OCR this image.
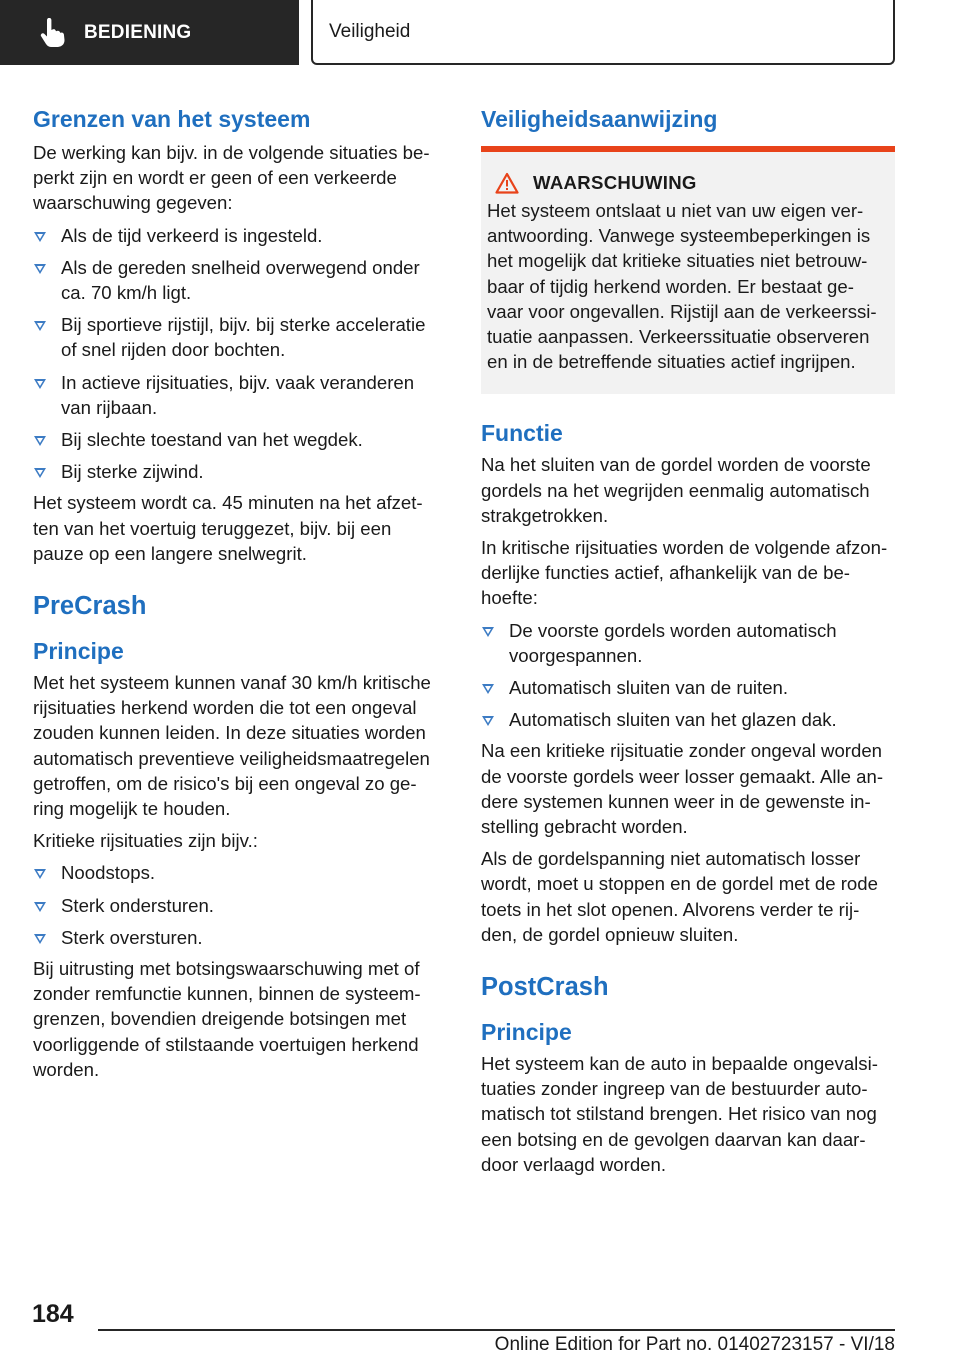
BEDIENING	Veiligheid
Grenzen van het systeem

De werking kan bijv. in de volgende situaties be-
perkt zijn en wordt er geen of een verkeerde
waarschuwing gegeven:

Als de tijd verkeerd is ingesteld.
Als de gereden snelheid overwegend onder
ca. 70 km/h ligt.
Bij sportieve rijstijl, bijv. bij sterke acceleratie
of snel rijden door bochten.
In actieve rijsituaties, bijv. vaak veranderen
van rijbaan.
Bij slechte toestand van het wegdek.
Bij sterke zijwind.

Het systeem wordt ca. 45 minuten na het afzet-
ten van het voertuig teruggezet, bijv. bij een
pauze op een langere snelwegrit.

PreCrash
Principe

Met het systeem kunnen vanaf 30 km/h kritische
rijsituaties herkend worden die tot een ongeval
zouden kunnen leiden. In deze situaties worden
automatisch preventieve veiligheidsmaatregelen
getroffen, om de risico's bij een ongeval zo ge-
ring mogelijk te houden.

Kritieke rijsituaties zijn bijv.:

Noodstops.
Sterk ondersturen.
Sterk oversturen.

Bij uitrusting met botsingswaarschuwing met of
zonder remfunctie kunnen, binnen de systeem-
grenzen, bovendien dreigende botsingen met
voorliggende of stilstaande voertuigen herkend
worden.

Veiligheidsaanwijzing
WAARSCHUWING

Het systeem ontslaat u niet van uw eigen ver-
antwoording. Vanwege systeembeperkingen is
het mogelijk dat kritieke situaties niet betrouw-
baar of tijdig herkend worden. Er bestaat ge-
vaar voor ongevallen. Rijstijl aan de verkeerssi-
tuatie aanpassen. Verkeerssituatie observeren
en in de betreffende situaties actief ingrijpen.

Functie

Na het sluiten van de gordel worden de voorste
gordels na het wegrijden eenmalig automatisch
strakgetrokken.

In kritische rijsituaties worden de volgende afzon-
derlijke functies actief, afhankelijk van de be-
hoefte:

De voorste gordels worden automatisch
voorgespannen.
Automatisch sluiten van de ruiten.
Automatisch sluiten van het glazen dak.

Na een kritieke rijsituatie zonder ongeval worden
de voorste gordels weer losser gemaakt. Alle an-
dere systemen kunnen weer in de gewenste in-
stelling gebracht worden.

Als de gordelspanning niet automatisch losser
wordt, moet u stoppen en de gordel met de rode
toets in het slot openen. Alvorens verder te rij-
den, de gordel opnieuw sluiten.

PostCrash
Principe

Het systeem kan de auto in bepaalde ongevalsi-
tuaties zonder ingreep van de bestuurder auto-
matisch tot stilstand brengen. Het risico van nog
een botsing en de gevolgen daarvan kan daar-
door verlaagd worden.

184
Online Edition for Part no. 01402723157 - VI/18
